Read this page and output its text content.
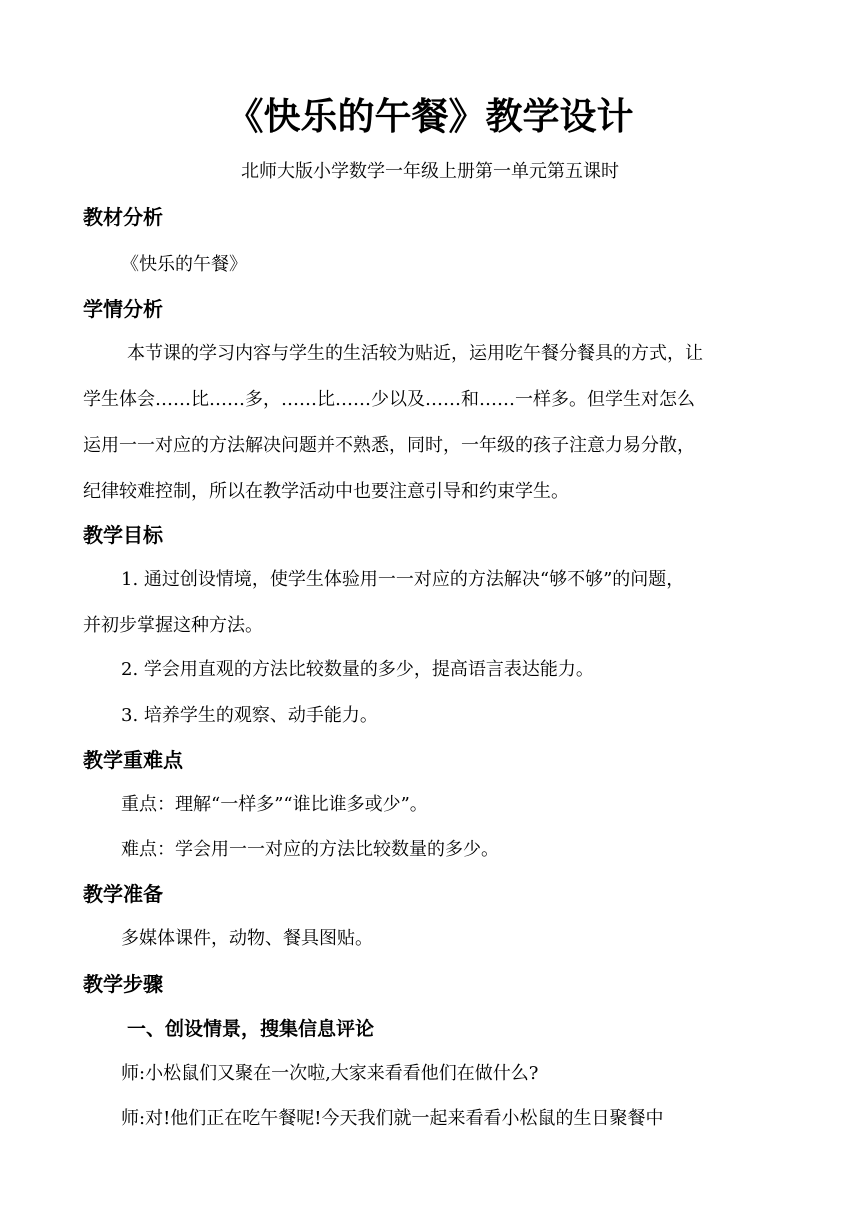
《快乐的午餐》教学设计
北师大版小学数学一年级上册第一单元第五课时
教材分析
《快乐的午餐》
学情分析
本节课的学习内容与学生的生活较为贴近，运用吃午餐分餐具的方式，让
学生体会……比……多，……比……少以及……和……一样多。但学生对怎么
运用一一对应的方法解决问题并不熟悉，同时，一年级的孩子注意力易分散，
纪律较难控制，所以在教学活动中也要注意引导和约束学生。
教学目标
1. 通过创设情境，使学生体验用一一对应的方法解决“够不够”的问题，
并初步掌握这种方法。
2. 学会用直观的方法比较数量的多少，提高语言表达能力。
3. 培养学生的观察、动手能力。
教学重难点
重点：理解“一样多”“谁比谁多或少”。
难点：学会用一一对应的方法比较数量的多少。
教学准备
多媒体课件，动物、餐具图贴。
教学步骤
一、创设情景，搜集信息评论
师:小松鼠们又聚在一次啦,大家来看看他们在做什么?
师:对!他们正在吃午餐呢!今天我们就一起来看看小松鼠的生日聚餐中
